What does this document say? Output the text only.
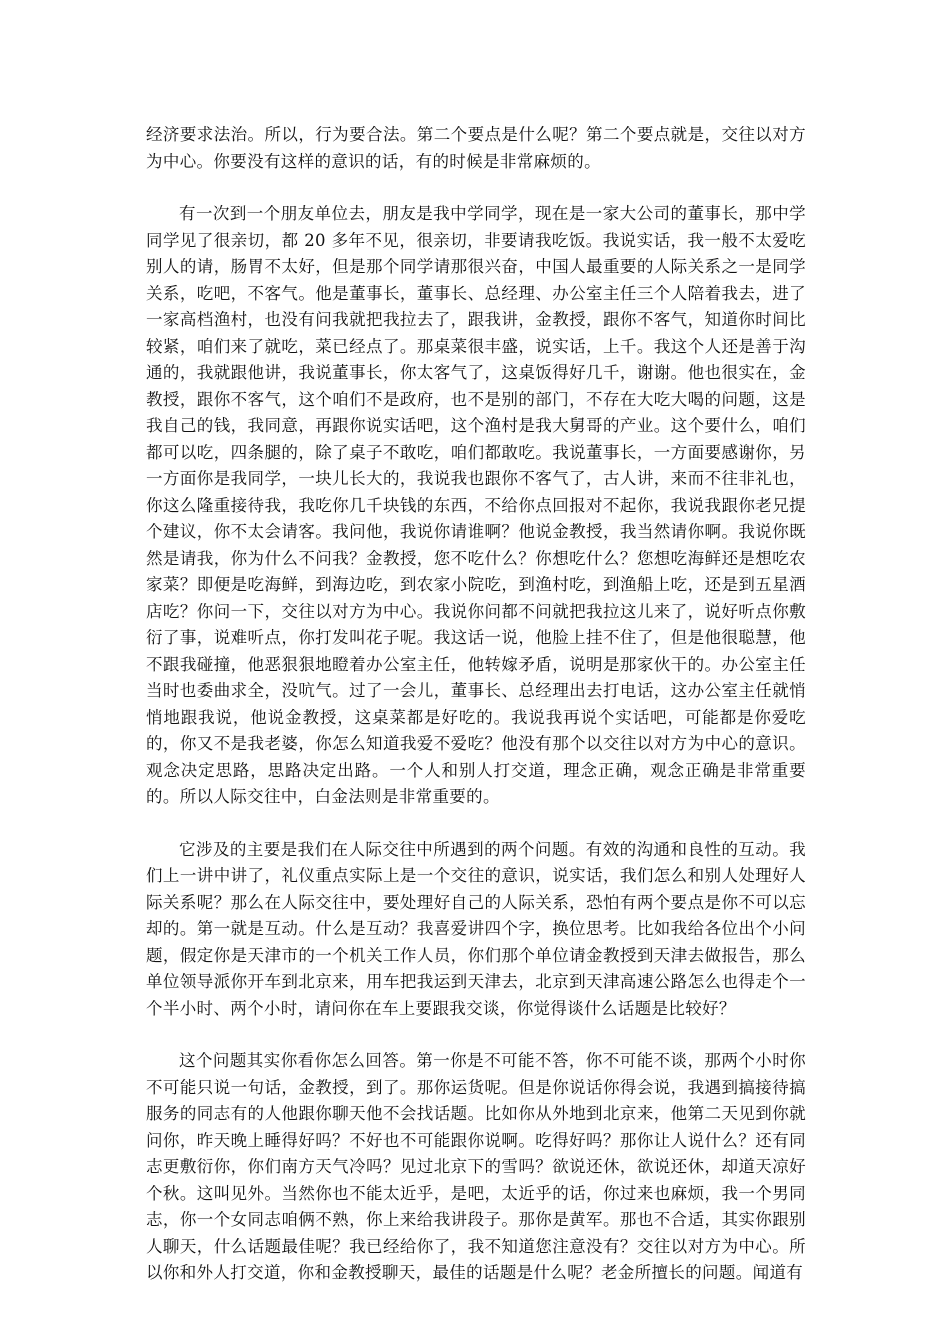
经济要求法治。所以，行为要合法。第二个要点是什么呢？第二个要点就是，交往以对方为中心。你要没有这样的意识的话，有的时候是非常麻烦的。

有一次到一个朋友单位去，朋友是我中学同学，现在是一家大公司的董事长，那中学同学见了很亲切，都 20 多年不见，很亲切，非要请我吃饭。我说实话，我一般不太爱吃别人的请，肠胃不太好，但是那个同学请那很兴奋，中国人最重要的人际关系之一是同学关系，吃吧，不客气。他是董事长，董事长、总经理、办公室主任三个人陪着我去，进了一家高档渔村，也没有问我就把我拉去了，跟我讲，金教授，跟你不客气，知道你时间比较紧，咱们来了就吃，菜已经点了。那桌菜很丰盛，说实话，上千。我这个人还是善于沟通的，我就跟他讲，我说董事长，你太客气了，这桌饭得好几千，谢谢。他也很实在，金教授，跟你不客气，这个咱们不是政府，也不是别的部门，不存在大吃大喝的问题，这是我自己的钱，我同意，再跟你说实话吧，这个渔村是我大舅哥的产业。这个要什么，咱们都可以吃，四条腿的，除了桌子不敢吃，咱们都敢吃。我说董事长，一方面要感谢你，另一方面你是我同学，一块儿长大的，我说我也跟你不客气了，古人讲，来而不往非礼也，你这么隆重接待我，我吃你几千块钱的东西，不给你点回报对不起你，我说我跟你老兄提个建议，你不太会请客。我问他，我说你请谁啊？他说金教授，我当然请你啊。我说你既然是请我，你为什么不问我？金教授，您不吃什么？你想吃什么？您想吃海鲜还是想吃农家菜？即便是吃海鲜，到海边吃，到农家小院吃，到渔村吃，到渔船上吃，还是到五星酒店吃？你问一下，交往以对方为中心。我说你问都不问就把我拉这儿来了，说好听点你敷衍了事，说难听点，你打发叫花子呢。我这话一说，他脸上挂不住了，但是他很聪慧，他不跟我碰撞，他恶狠狠地瞪着办公室主任，他转嫁矛盾，说明是那家伙干的。办公室主任当时也委曲求全，没吭气。过了一会儿，董事长、总经理出去打电话，这办公室主任就悄悄地跟我说，他说金教授，这桌菜都是好吃的。我说我再说个实话吧，可能都是你爱吃的，你又不是我老婆，你怎么知道我爱不爱吃？他没有那个以交往以对方为中心的意识。观念决定思路，思路决定出路。一个人和别人打交道，理念正确，观念正确是非常重要的。所以人际交往中，白金法则是非常重要的。

它涉及的主要是我们在人际交往中所遇到的两个问题。有效的沟通和良性的互动。我们上一讲中讲了，礼仪重点实际上是一个交往的意识，说实话，我们怎么和别人处理好人际关系呢？那么在人际交往中，要处理好自己的人际关系，恐怕有两个要点是你不可以忘却的。第一就是互动。什么是互动？我喜爱讲四个字，换位思考。比如我给各位出个小问题，假定你是天津市的一个机关工作人员，你们那个单位请金教授到天津去做报告，那么单位领导派你开车到北京来，用车把我运到天津去，北京到天津高速公路怎么也得走个一个半小时、两个小时，请问你在车上要跟我交谈，你觉得谈什么话题是比较好？

这个问题其实你看你怎么回答。第一你是不可能不答，你不可能不谈，那两个小时你不可能只说一句话，金教授，到了。那你运货呢。但是你说话你得会说，我遇到搞接待搞服务的同志有的人他跟你聊天他不会找话题。比如你从外地到北京来，他第二天见到你就问你，昨天晚上睡得好吗？不好也不可能跟你说啊。吃得好吗？那你让人说什么？还有同志更敷衍你，你们南方天气冷吗？见过北京下的雪吗？欲说还休，欲说还休，却道天凉好个秋。这叫见外。当然你也不能太近乎，是吧，太近乎的话，你过来也麻烦，我一个男同志，你一个女同志咱俩不熟，你上来给我讲段子。那你是黄军。那也不合适，其实你跟别人聊天，什么话题最佳呢？我已经给你了，我不知道您注意没有？交往以对方为中心。所以你和外人打交道，你和金教授聊天，最佳的话题是什么呢？老金所擅长的问题。闻道有
